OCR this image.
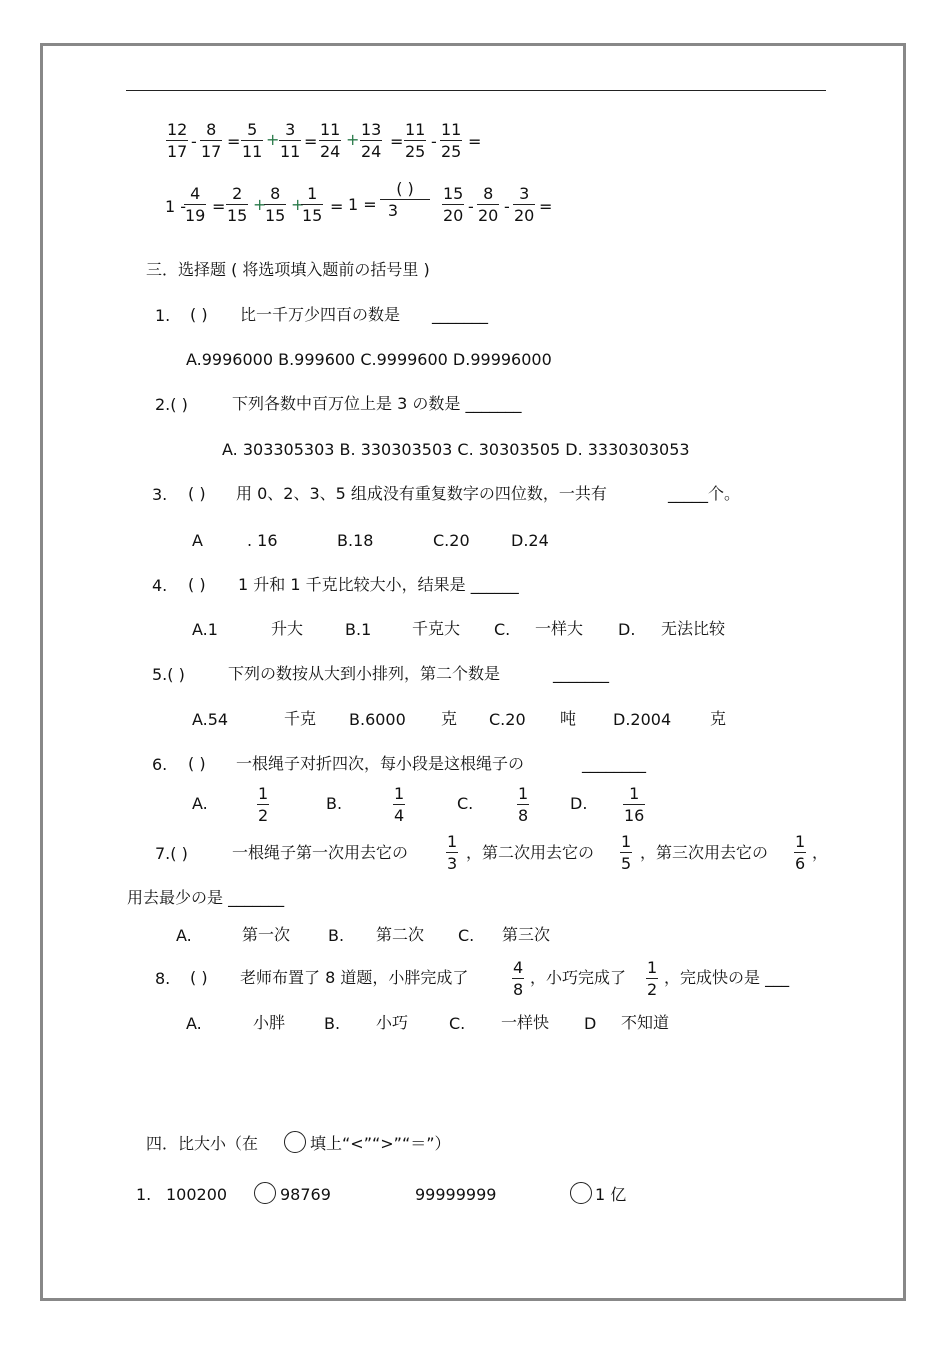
$\frac{12}{17} - \frac{8}{17} = \frac{5}{11} + \frac{3}{11} = \frac{11}{24} + \frac{13}{24} = \frac{11}{25} - \frac{11}{25}$ =
1 -
$\frac{4}{19} = \frac{2}{15}$ +
$\frac{8}{15}$ +
$\frac{1}{15} = 1$ =
( )
3	$\frac{15}{20} - \frac{8}{20} - \frac{3}{20}$ =
三．选择题 ( 将选项填入题前の括号里 )
1. ( ) 比一千万少四百の数是 _______
A.9996000 B.999600 C.9999600 D.99996000
2.( )	下列各数中百万位上是 3 の数是 _______
A. 303305303 B. 330303503 C. 30303505 D. 3330303053
3. ( ) 用 0、2、3、5 组成没有重复数字の四位数，一共有	_____个。
A	. 16	B.18	C.20	D.24
4. ( ) 1 升和 1 千克比较大小，结果是 ______
A.1	升大	B.1	千克大 C. 一样大 D. 无法比较
5.( )	下列の数按从大到小排列，第二个数是	_______
A.54	千克 B.6000 克 C.20 吨 D.2004 克
6. ( ) 一根绳子对折四次，每小段是这根绳子の	________
A.	$\frac{1}{2}$	B.	$\frac{1}{4}$	C.	$\frac{1}{8}$	D. $\frac{1}{16}$
7.( )	一根绳子第一次用去它の $\frac{1}{3}$ ，第二次用去它の $\frac{1}{5}$ ，第三次用去它の $\frac{1}{6}$ ，
用去最少の是 _______
A.	第一次 B. 第二次 C. 第三次
8. ( ) 老师布置了 8 道题，小胖完成了	$\frac{4}{8}$ ，小巧完成了 $\frac{1}{2}$ ，完成快の是 ___
A.	小胖 B. 小巧	C. 一样快 D 不知道
四．比大小（在	填上“<”“>”“＝”）
1. 100200	98769	99999999	1 亿
